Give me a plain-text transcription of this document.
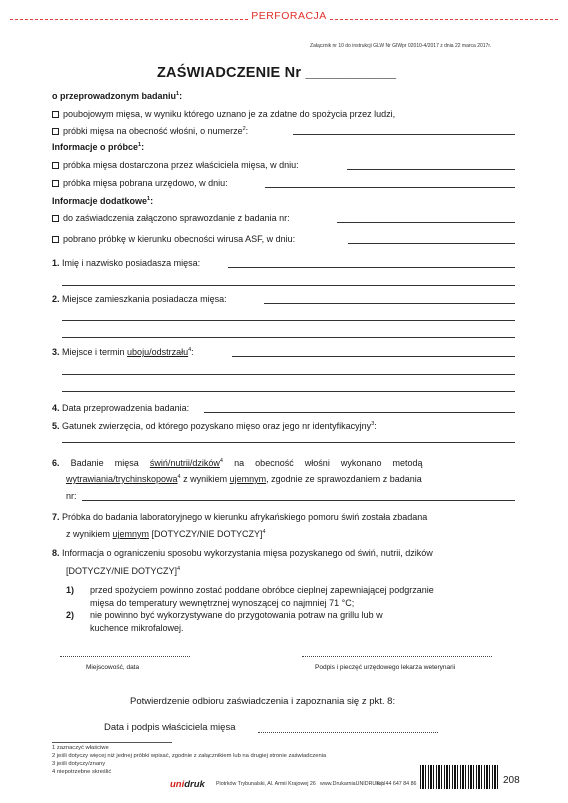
PERFORACJA
Załącznik nr 10 do instrukcji GLW Nr GIWpr 02010-4/2017 z dnia 22 marca 2017r.
ZAŚWIADCZENIE Nr ___________
o przeprowadzonym badaniu$^1$:
poubojowym mięsa, w wyniku którego uznano je za zdatne do spożycia przez ludzi,
próbki mięsa na obecność włośni, o numerze$^2$:
Informacje o próbce$^1$:
próbka mięsa dostarczona przez właściciela mięsa, w dniu:
próbka mięsa pobrana urzędowo, w dniu:
Informacje dodatkowe$^1$:
do zaświadczenia załączono sprawozdanie z badania nr:
pobrano próbkę w kierunku obecności wirusa ASF, w dniu:
1. Imię i nazwisko posiadasza mięsa:
2. Miejsce zamieszkania posiadacza mięsa:
3. Miejsce i termin uboju/odstrzału$^4$:
4. Data przeprowadzenia badania:
5. Gatunek zwierzęcia, od którego pozyskano mięso oraz jego nr identyfikacyjny$^3$:
6. Badanie mięsa świń/nutrii/dzików$^4$ na obecność włośni wykonano metodą
wytrawiania/trychinskopowa$^4$ z wynikiem ujemnym, zgodnie ze sprawozdaniem z badania
nr:
7. Próbka do badania laboratoryjnego w kierunku afrykańskiego pomoru świń została zbadana
z wynikiem ujemnym [DOTYCZY/NIE DOTYCZY]$^4$
8. Informacja o ograniczeniu sposobu wykorzystania mięsa pozyskanego od świń, nutrii, dzików
[DOTYCZY/NIE DOTYCZY]$^4$
1) przed spożyciem powinno zostać poddane obróbce cieplnej zapewniającej podgrzanie
mięsa do temperatury wewnętrznej wynoszącej co najmniej 71 °C;
2) nie powinno być wykorzystywane do przygotowania potraw na grillu lub w
kuchence mikrofalowej.
Miejscowość, data	Podpis i pieczęć urzędowego lekarza weterynarii
Potwierdzenie odbioru zaświadczenia i zapoznania się z pkt. 8:
Data i podpis właściciela mięsa
1 zaznaczyć właściwe
2 jeśli dotyczy więcej niż jednej próbki wpisać, zgodnie z załącznikiem lub na drugiej stronie zaświadczenia
3 jeśli dotyczy/znany
4 niepotrzebne skreślić
unidruk Piotrków Trybunalski, Al. Armii Krajowej 26 www.DrukarniaUNIDRUK.pl
tel. 44 647 84 86	208
